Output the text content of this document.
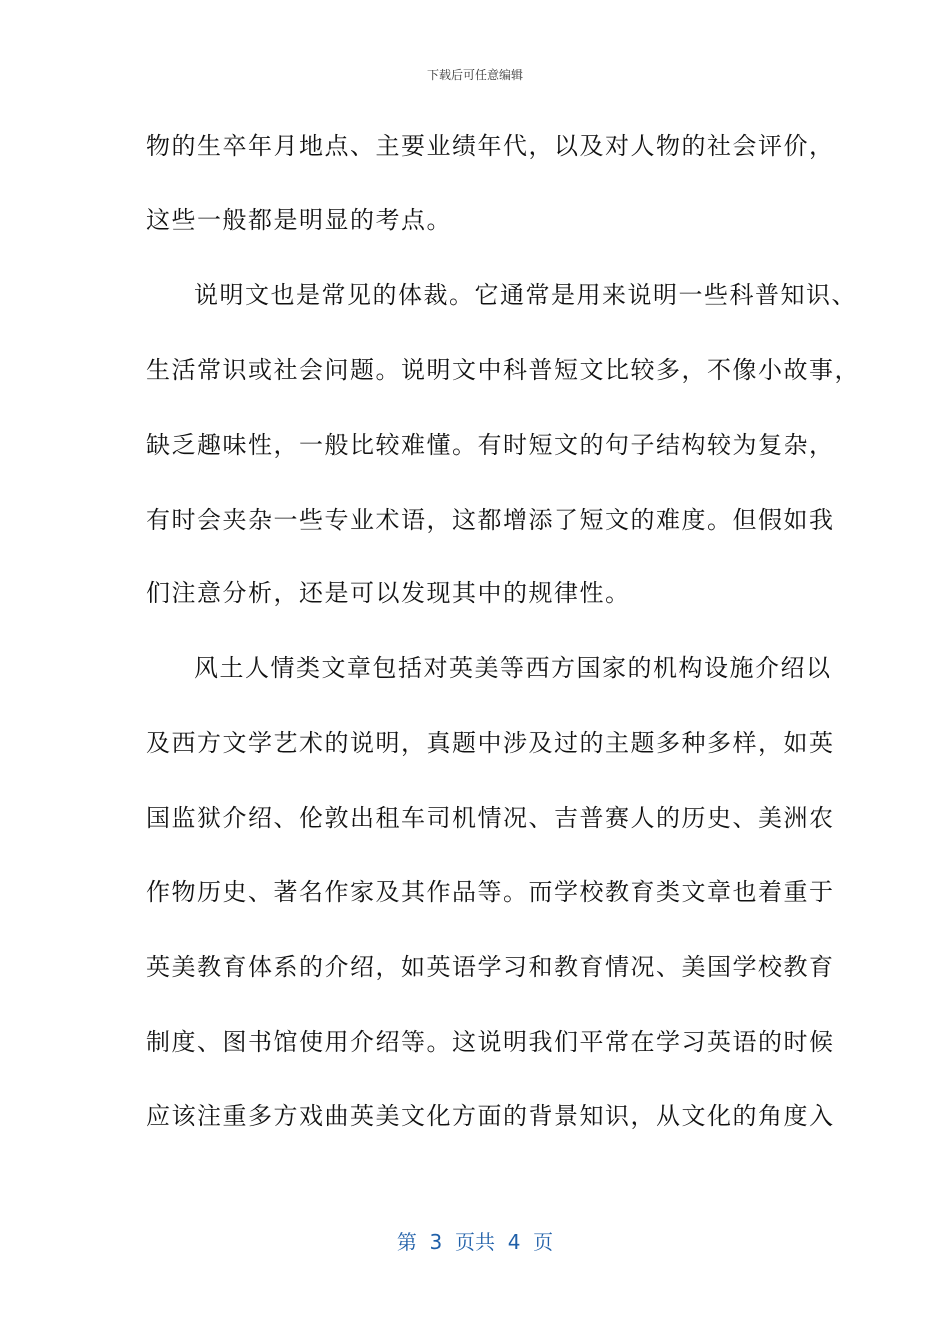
下载后可任意编辑
物的生卒年月地点、主要业绩年代，以及对人物的社会评价，
这些一般都是明显的考点。
说明文也是常见的体裁。它通常是用来说明一些科普知识、
生活常识或社会问题。说明文中科普短文比较多，不像小故事，
缺乏趣味性，一般比较难懂。有时短文的句子结构较为复杂，
有时会夹杂一些专业术语，这都增添了短文的难度。但假如我
们注意分析，还是可以发现其中的规律性。
风土人情类文章包括对英美等西方国家的机构设施介绍以
及西方文学艺术的说明，真题中涉及过的主题多种多样，如英
国监狱介绍、伦敦出租车司机情况、吉普赛人的历史、美洲农
作物历史、著名作家及其作品等。而学校教育类文章也着重于
英美教育体系的介绍，如英语学习和教育情况、美国学校教育
制度、图书馆使用介绍等。这说明我们平常在学习英语的时候
应该注重多方戏曲英美文化方面的背景知识，从文化的角度入
第  3  页共  4  页
